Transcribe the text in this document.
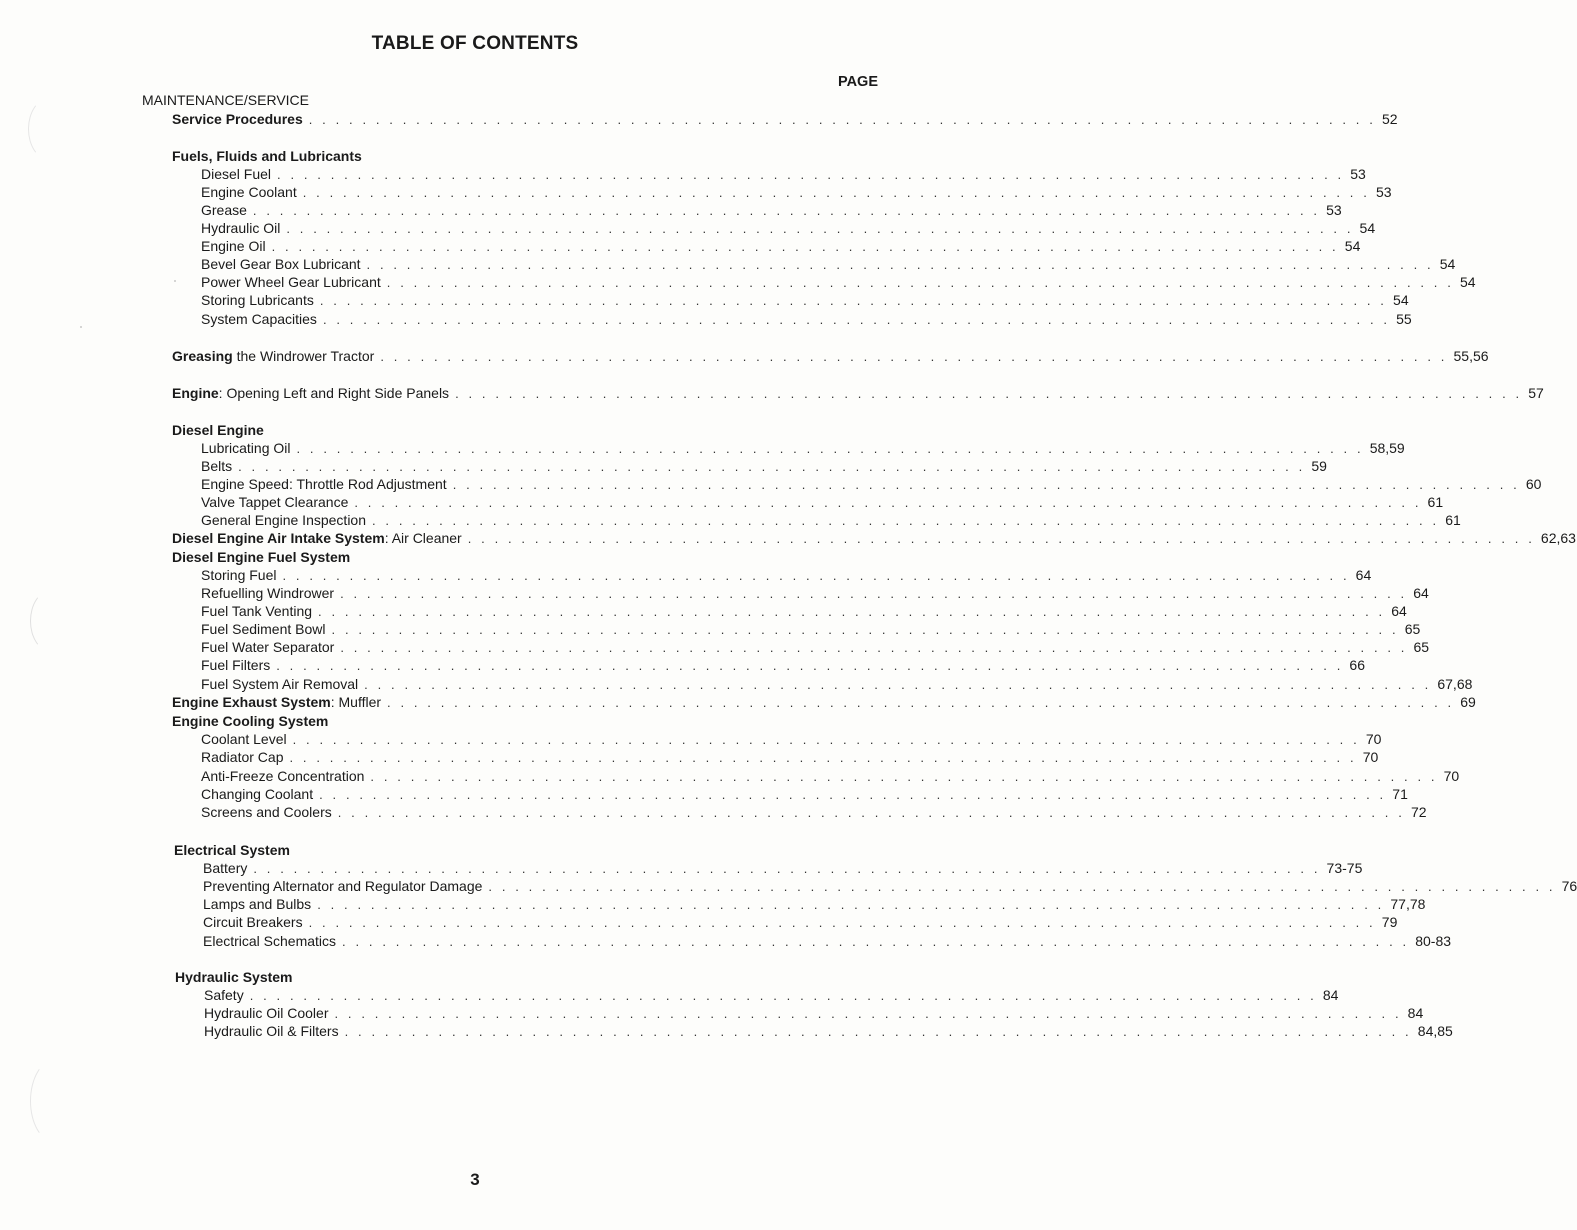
TABLE OF CONTENTS
PAGE
MAINTENANCE/SERVICE
Service Procedures . . . . . . . . . . . . . . . . . . . . . . . . . . . . . . . . . . . . . . . . . . . . . . . . . . . . . . . . . . . . . . . . . . . . . . . . . . . . . . . . 52
Fuels, Fluids and Lubricants
Diesel Fuel . . . . . . . . . . . . . . . . . . . . . . . . . . . . . . . . . . . . . . . . . . . . . . . . . . . . . . . . . . . . . . . . . . . . . . . . . . . . . . . . 53
Engine Coolant . . . . . . . . . . . . . . . . . . . . . . . . . . . . . . . . . . . . . . . . . . . . . . . . . . . . . . . . . . . . . . . . . . . . . . . . . . . . . . . . 53
Grease . . . . . . . . . . . . . . . . . . . . . . . . . . . . . . . . . . . . . . . . . . . . . . . . . . . . . . . . . . . . . . . . . . . . . . . . . . . . . . . . 53
Hydraulic Oil . . . . . . . . . . . . . . . . . . . . . . . . . . . . . . . . . . . . . . . . . . . . . . . . . . . . . . . . . . . . . . . . . . . . . . . . . . . . . . . . 54
Engine Oil . . . . . . . . . . . . . . . . . . . . . . . . . . . . . . . . . . . . . . . . . . . . . . . . . . . . . . . . . . . . . . . . . . . . . . . . . . . . . . . . 54
Bevel Gear Box Lubricant . . . . . . . . . . . . . . . . . . . . . . . . . . . . . . . . . . . . . . . . . . . . . . . . . . . . . . . . . . . . . . . . . . . . . . . . . . . . . . . . 54
Power Wheel Gear Lubricant . . . . . . . . . . . . . . . . . . . . . . . . . . . . . . . . . . . . . . . . . . . . . . . . . . . . . . . . . . . . . . . . . . . . . . . . . . . . . . . . 54
Storing Lubricants . . . . . . . . . . . . . . . . . . . . . . . . . . . . . . . . . . . . . . . . . . . . . . . . . . . . . . . . . . . . . . . . . . . . . . . . . . . . . . . . 54
System Capacities . . . . . . . . . . . . . . . . . . . . . . . . . . . . . . . . . . . . . . . . . . . . . . . . . . . . . . . . . . . . . . . . . . . . . . . . . . . . . . . . 55
Greasing the Windrower Tractor . . . . . . . . . . . . . . . . . . . . . . . . . . . . . . . . . . . . . . . . . . . . . . . . . . . . . . . . . . . . . . . . . . . . . . . . . . . . . . . . 55,56
Engine: Opening Left and Right Side Panels . . . . . . . . . . . . . . . . . . . . . . . . . . . . . . . . . . . . . . . . . . . . . . . . . . . . . . . . . . . . . . . . . . . . . . . . . . . . . . . . 57
Diesel Engine
Lubricating Oil . . . . . . . . . . . . . . . . . . . . . . . . . . . . . . . . . . . . . . . . . . . . . . . . . . . . . . . . . . . . . . . . . . . . . . . . . . . . . . . . 58,59
Belts . . . . . . . . . . . . . . . . . . . . . . . . . . . . . . . . . . . . . . . . . . . . . . . . . . . . . . . . . . . . . . . . . . . . . . . . . . . . . . . . 59
Engine Speed: Throttle Rod Adjustment . . . . . . . . . . . . . . . . . . . . . . . . . . . . . . . . . . . . . . . . . . . . . . . . . . . . . . . . . . . . . . . . . . . . . . . . . . . . . . . . 60
Valve Tappet Clearance . . . . . . . . . . . . . . . . . . . . . . . . . . . . . . . . . . . . . . . . . . . . . . . . . . . . . . . . . . . . . . . . . . . . . . . . . . . . . . . . 61
General Engine Inspection . . . . . . . . . . . . . . . . . . . . . . . . . . . . . . . . . . . . . . . . . . . . . . . . . . . . . . . . . . . . . . . . . . . . . . . . . . . . . . . . 61
Diesel Engine Air Intake System: Air Cleaner . . . . . . . . . . . . . . . . . . . . . . . . . . . . . . . . . . . . . . . . . . . . . . . . . . . . . . . . . . . . . . . . . . . . . . . . . . . . . . . . 62,63
Diesel Engine Fuel System
Storing Fuel . . . . . . . . . . . . . . . . . . . . . . . . . . . . . . . . . . . . . . . . . . . . . . . . . . . . . . . . . . . . . . . . . . . . . . . . . . . . . . . . 64
Refuelling Windrower . . . . . . . . . . . . . . . . . . . . . . . . . . . . . . . . . . . . . . . . . . . . . . . . . . . . . . . . . . . . . . . . . . . . . . . . . . . . . . . . 64
Fuel Tank Venting . . . . . . . . . . . . . . . . . . . . . . . . . . . . . . . . . . . . . . . . . . . . . . . . . . . . . . . . . . . . . . . . . . . . . . . . . . . . . . . . 64
Fuel Sediment Bowl . . . . . . . . . . . . . . . . . . . . . . . . . . . . . . . . . . . . . . . . . . . . . . . . . . . . . . . . . . . . . . . . . . . . . . . . . . . . . . . . 65
Fuel Water Separator . . . . . . . . . . . . . . . . . . . . . . . . . . . . . . . . . . . . . . . . . . . . . . . . . . . . . . . . . . . . . . . . . . . . . . . . . . . . . . . . 65
Fuel Filters . . . . . . . . . . . . . . . . . . . . . . . . . . . . . . . . . . . . . . . . . . . . . . . . . . . . . . . . . . . . . . . . . . . . . . . . . . . . . . . . 66
Fuel System Air Removal . . . . . . . . . . . . . . . . . . . . . . . . . . . . . . . . . . . . . . . . . . . . . . . . . . . . . . . . . . . . . . . . . . . . . . . . . . . . . . . . 67,68
Engine Exhaust System: Muffler . . . . . . . . . . . . . . . . . . . . . . . . . . . . . . . . . . . . . . . . . . . . . . . . . . . . . . . . . . . . . . . . . . . . . . . . . . . . . . . . 69
Engine Cooling System
Coolant Level . . . . . . . . . . . . . . . . . . . . . . . . . . . . . . . . . . . . . . . . . . . . . . . . . . . . . . . . . . . . . . . . . . . . . . . . . . . . . . . . 70
Radiator Cap . . . . . . . . . . . . . . . . . . . . . . . . . . . . . . . . . . . . . . . . . . . . . . . . . . . . . . . . . . . . . . . . . . . . . . . . . . . . . . . . 70
Anti-Freeze Concentration . . . . . . . . . . . . . . . . . . . . . . . . . . . . . . . . . . . . . . . . . . . . . . . . . . . . . . . . . . . . . . . . . . . . . . . . . . . . . . . . 70
Changing Coolant . . . . . . . . . . . . . . . . . . . . . . . . . . . . . . . . . . . . . . . . . . . . . . . . . . . . . . . . . . . . . . . . . . . . . . . . . . . . . . . . 71
Screens and Coolers . . . . . . . . . . . . . . . . . . . . . . . . . . . . . . . . . . . . . . . . . . . . . . . . . . . . . . . . . . . . . . . . . . . . . . . . . . . . . . . . 72
Electrical System
Battery . . . . . . . . . . . . . . . . . . . . . . . . . . . . . . . . . . . . . . . . . . . . . . . . . . . . . . . . . . . . . . . . . . . . . . . . . . . . . . . . 73-75
Preventing Alternator and Regulator Damage . . . . . . . . . . . . . . . . . . . . . . . . . . . . . . . . . . . . . . . . . . . . . . . . . . . . . . . . . . . . . . . . . . . . . . . . . . . . . . . . 76
Lamps and Bulbs . . . . . . . . . . . . . . . . . . . . . . . . . . . . . . . . . . . . . . . . . . . . . . . . . . . . . . . . . . . . . . . . . . . . . . . . . . . . . . . . 77,78
Circuit Breakers . . . . . . . . . . . . . . . . . . . . . . . . . . . . . . . . . . . . . . . . . . . . . . . . . . . . . . . . . . . . . . . . . . . . . . . . . . . . . . . . 79
Electrical Schematics . . . . . . . . . . . . . . . . . . . . . . . . . . . . . . . . . . . . . . . . . . . . . . . . . . . . . . . . . . . . . . . . . . . . . . . . . . . . . . . . 80-83
Hydraulic System
Safety . . . . . . . . . . . . . . . . . . . . . . . . . . . . . . . . . . . . . . . . . . . . . . . . . . . . . . . . . . . . . . . . . . . . . . . . . . . . . . . . 84
Hydraulic Oil Cooler . . . . . . . . . . . . . . . . . . . . . . . . . . . . . . . . . . . . . . . . . . . . . . . . . . . . . . . . . . . . . . . . . . . . . . . . . . . . . . . . 84
Hydraulic Oil & Filters . . . . . . . . . . . . . . . . . . . . . . . . . . . . . . . . . . . . . . . . . . . . . . . . . . . . . . . . . . . . . . . . . . . . . . . . . . . . . . . . 84,85
3
